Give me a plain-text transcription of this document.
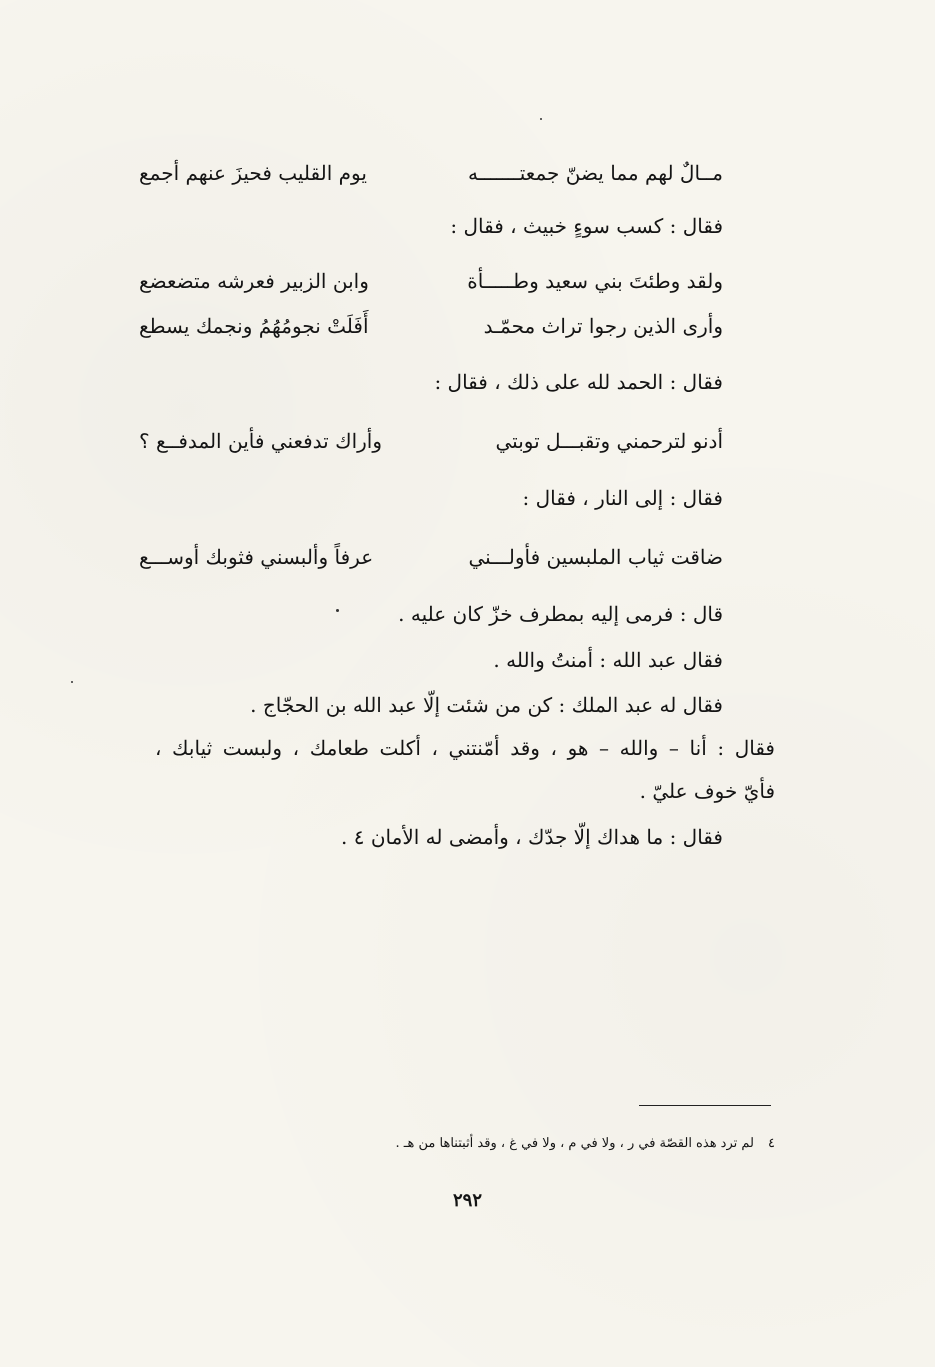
مــالٌ لهم مما يضنّ جمعتـــــــه
يوم القليب فحيزَ عنهم أجمع
فقال : كسب سوءٍ خبيث ، فقال :
ولقد وطئتَ بني سعيد وطـــــأة
وابن الزبير فعرشه متضعضع
وأرى الذين رجوا تراث محمّـد
أَفَلَتْ نجومُهُمُ ونجمك يسطع
فقال : الحمد لله على ذلك ، فقال :
أدنو لترحمني وتقبـــل توبتي
وأراك تدفعني فأين المدفــع ؟
فقال : إلى النار ، فقال :
ضاقت ثياب الملبسين فأولـــني
عرفاً وألبسني فثوبك أوســـع
قال : فرمى إليه بمطرف خزّ كان عليه .
فقال عبد الله : أمنتُ والله .
فقال له عبد الملك : كن من شئت إلّا عبد الله بن الحجّاج .
فقال : أنا – والله – هو ، وقد أمّنتني ، أكلت طعامك ، ولبست ثيابك ،
فأيّ خوف عليّ .
فقال : ما هداك إلّا جدّك ، وأمضى له الأمان ٤ .
٤لم ترد هذه القصّة في ر ، ولا في م ، ولا في غ ، وقد أثبتناها من هـ .
٢٩٢
